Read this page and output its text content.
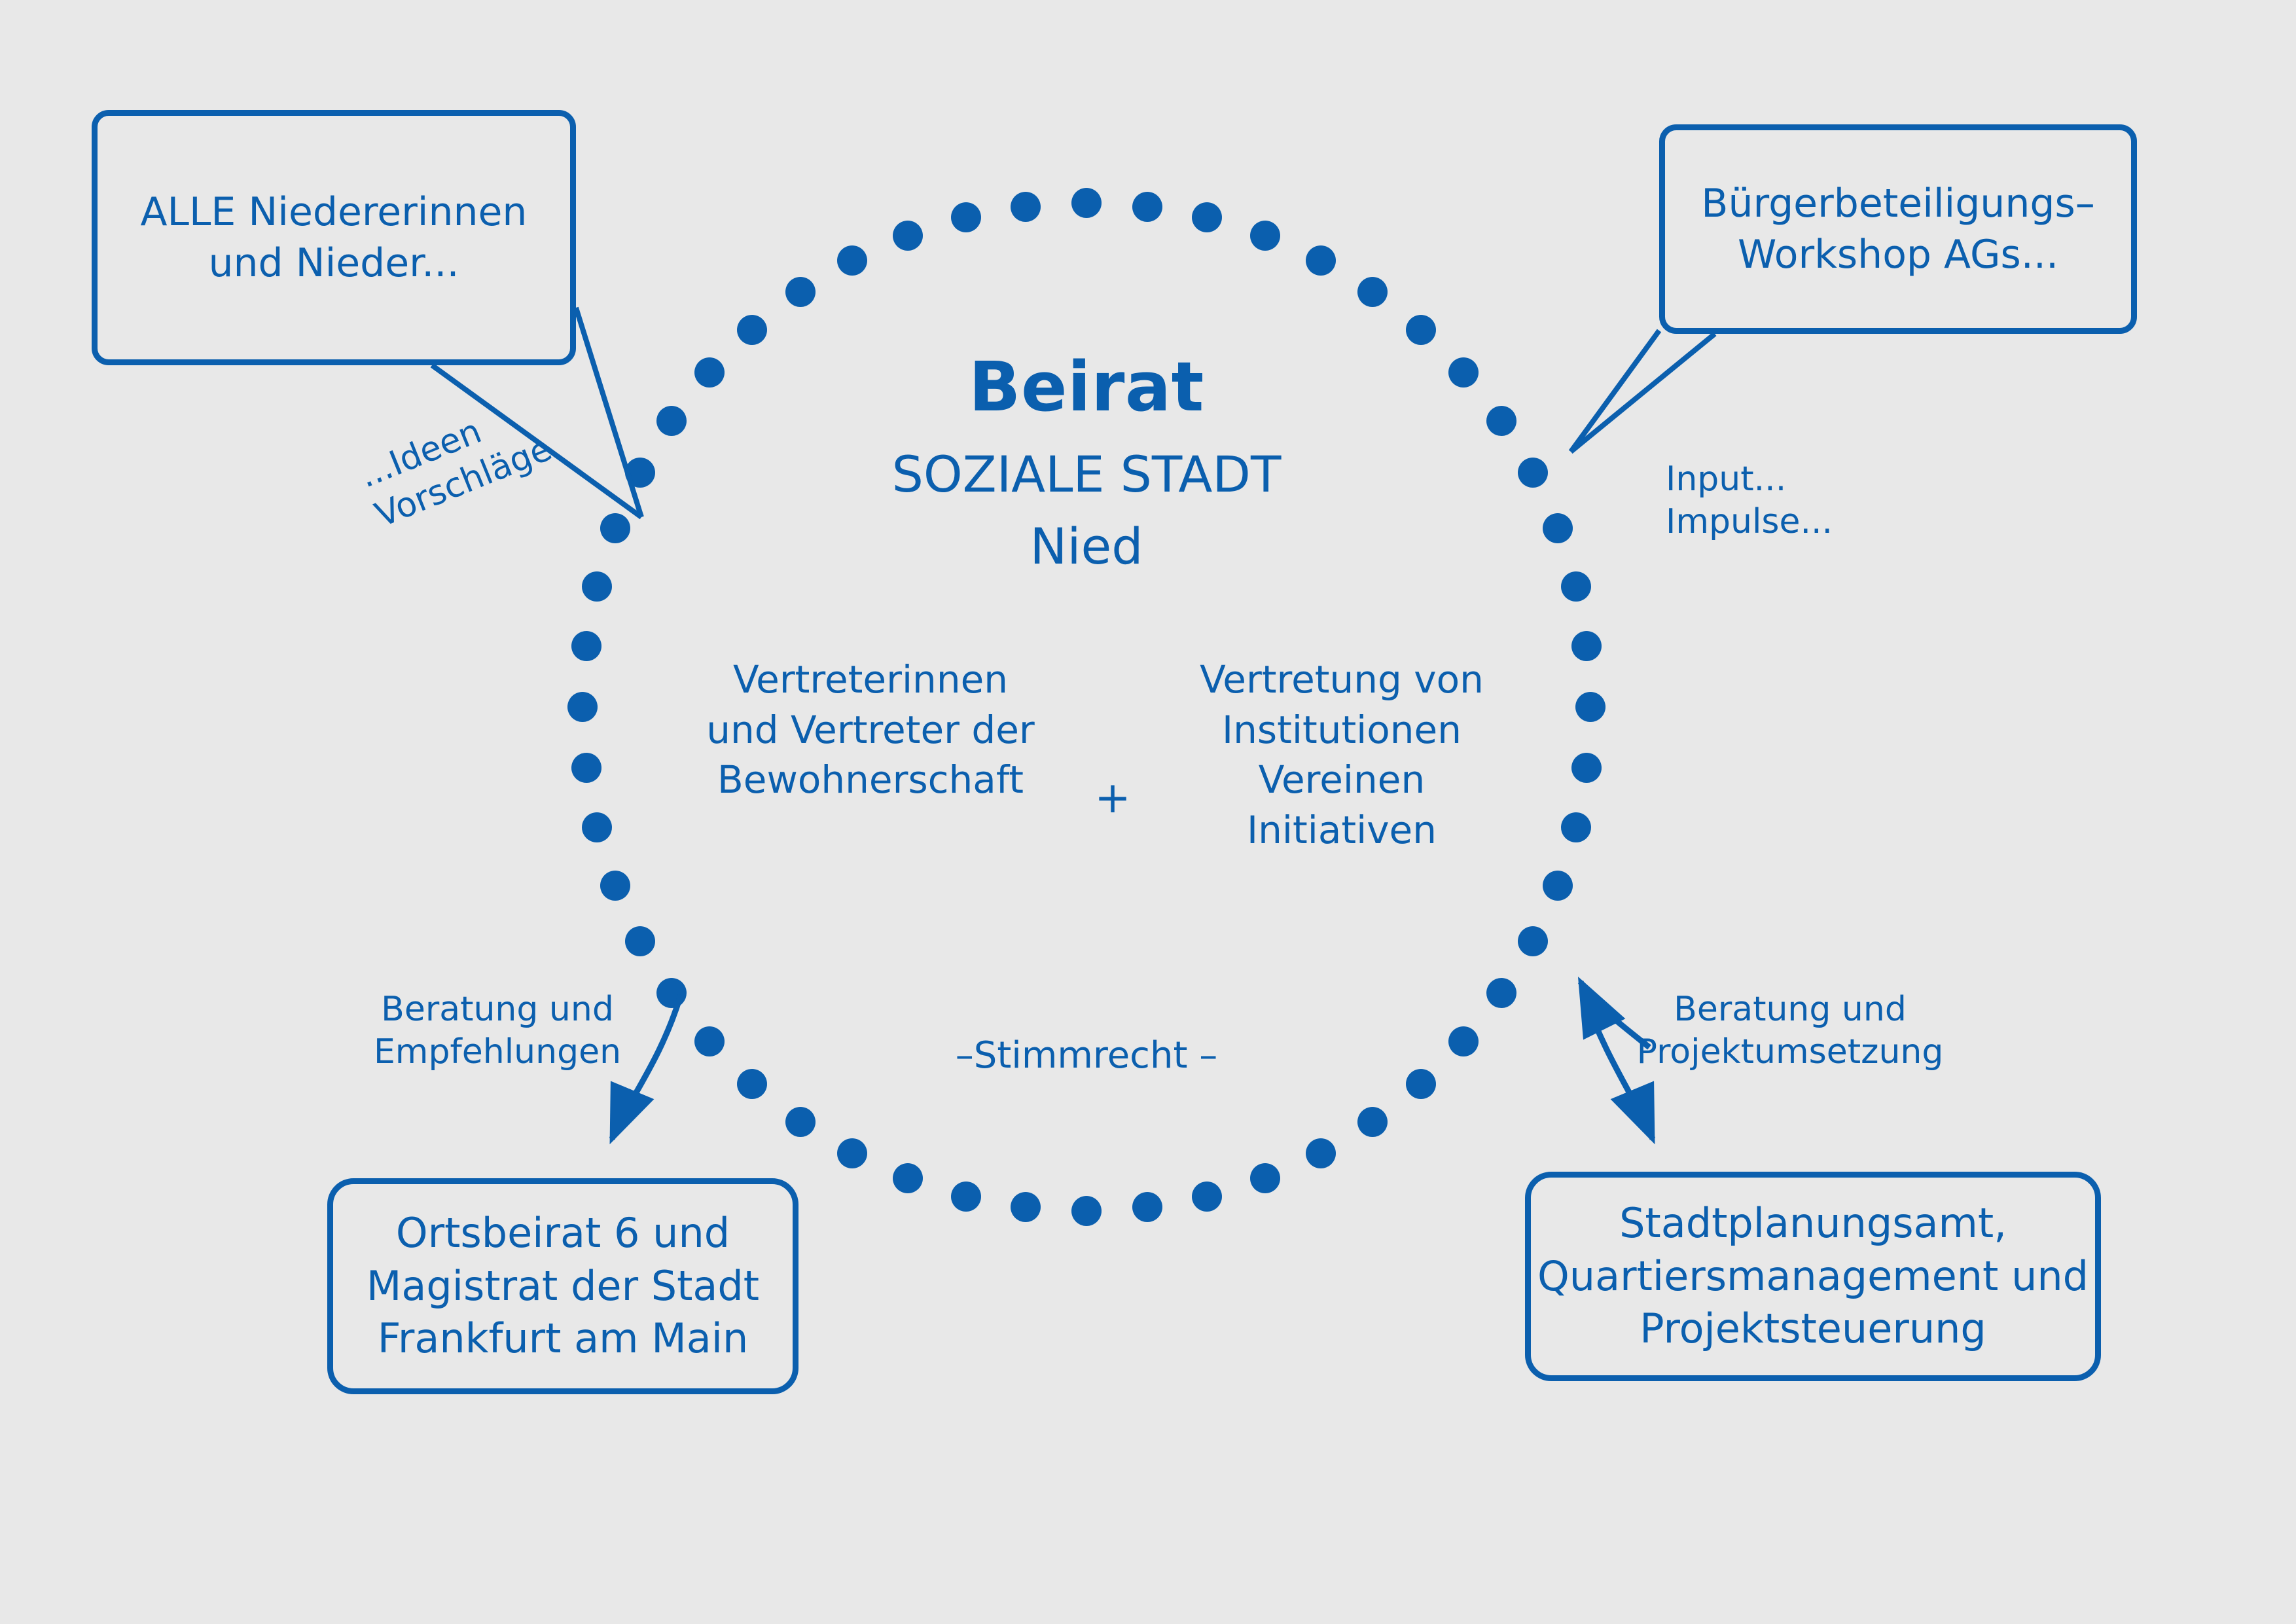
Beirat
SOZIALE STADT
Nied
Vertreterinnen und Vertreter der Bewohnerschaft	+
Vertretung von Institutionen Vereinen Initiativen
–Stimmrecht –
ALLE Niedererinnen und Nieder...
Bürgerbeteiligungs–Workshop AGs...
Ortsbeirat 6 und Magistrat der Stadt Frankfurt am Main
Stadtplanungsamt, Quartiersmanagement und Projektsteuerung
...Ideen Vorschläge	Input... Impulse...
Beratung und Empfehlungen
Beratung und Projektumsetzung
